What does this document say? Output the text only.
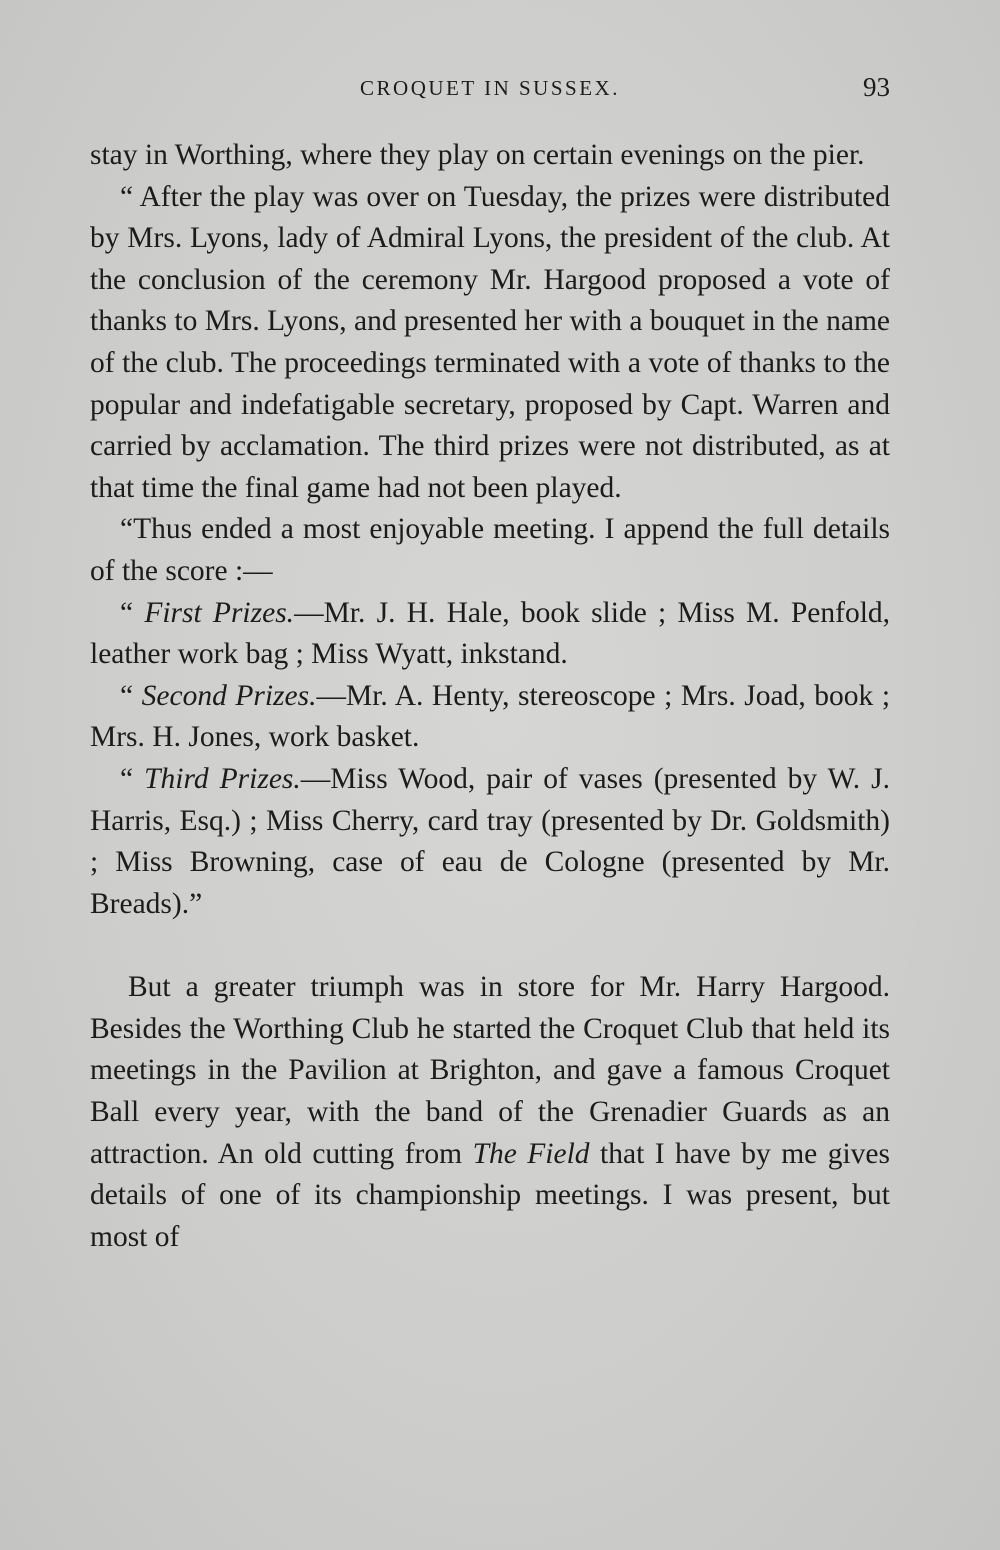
CROQUET IN SUSSEX.	93

stay in Worthing, where they play on certain evenings on the pier.

“ After the play was over on Tuesday, the prizes were distributed by Mrs. Lyons, lady of Admiral Lyons, the president of the club. At the conclusion of the ceremony Mr. Hargood proposed a vote of thanks to Mrs. Lyons, and presented her with a bouquet in the name of the club. The proceedings terminated with a vote of thanks to the popular and indefatigable secretary, proposed by Capt. Warren and carried by acclamation. The third prizes were not distributed, as at that time the final game had not been played.

“Thus ended a most enjoyable meeting. I append the full details of the score :—

“ First Prizes.—Mr. J. H. Hale, book slide ; Miss M. Penfold, leather work bag ; Miss Wyatt, inkstand.

“ Second Prizes.—Mr. A. Henty, stereoscope ; Mrs. Joad, book ; Mrs. H. Jones, work basket.

“ Third Prizes.—Miss Wood, pair of vases (presented by W. J. Harris, Esq.) ; Miss Cherry, card tray (presented by Dr. Goldsmith) ; Miss Browning, case of eau de Cologne (presented by Mr. Breads).”

But a greater triumph was in store for Mr. Harry Hargood. Besides the Worthing Club he started the Croquet Club that held its meetings in the Pavilion at Brighton, and gave a famous Croquet Ball every year, with the band of the Grenadier Guards as an attraction. An old cutting from The Field that I have by me gives details of one of its championship meetings. I was present, but most of
